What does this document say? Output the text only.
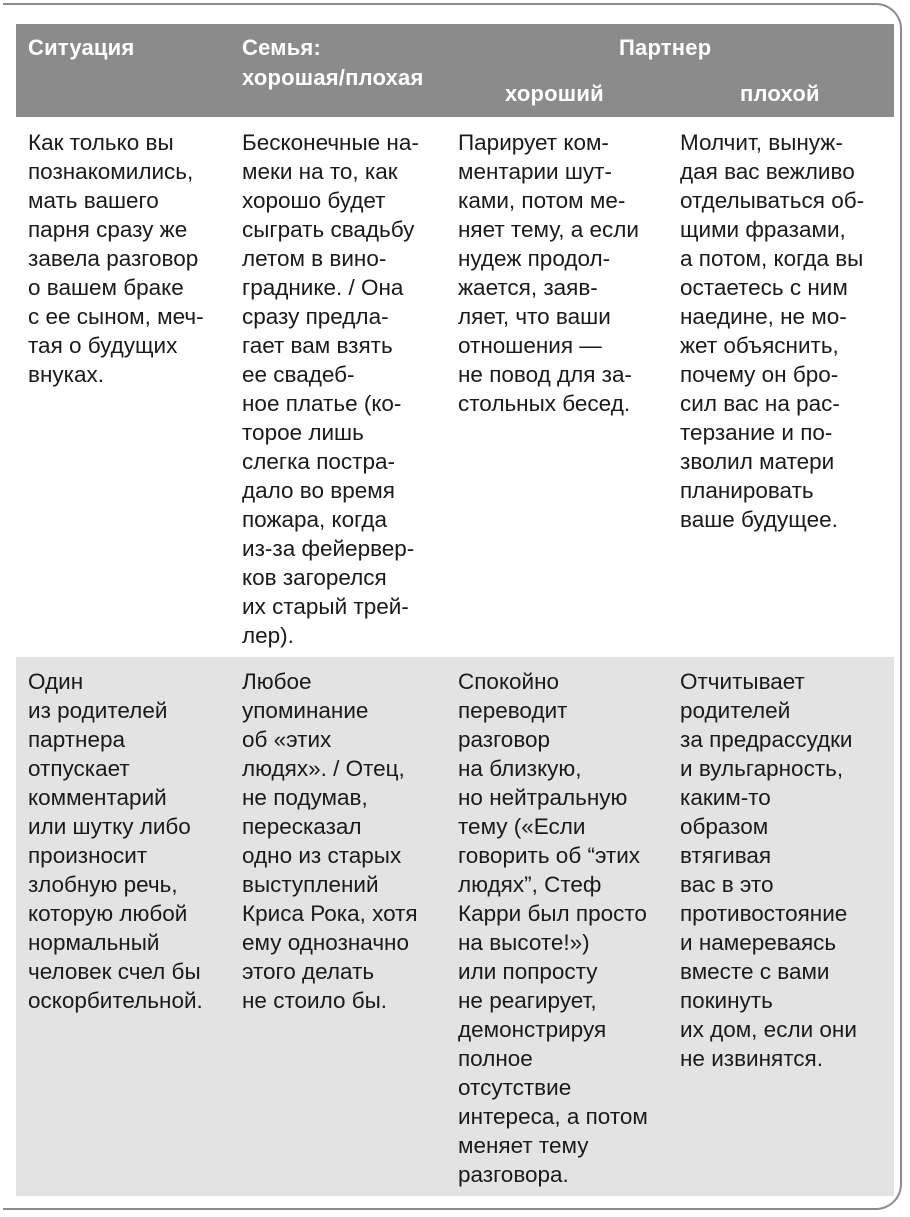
Ситуация	Семья:
хорошая/плохая
Партнер
хороший	плохой
Как только вы
познакомились,
мать вашего
парня сразу же
завела разговор
о вашем браке
с ее сыном, меч-
тая о будущих
внуках.
Бесконечные на-
меки на то, как
хорошо будет
сыграть свадьбу
летом в вино-
граднике. / Она
сразу предла-
гает вам взять
ее свадеб-
ное платье (ко-
торое лишь
слегка постра-
дало во время
пожара, когда
из-за фейервер-
ков загорелся
их старый трей-
лер).
Парирует ком-
ментарии шут-
ками, потом ме-
няет тему, а если
нудеж продол-
жается, заяв-
ляет, что ваши
отношения —
не повод для за-
стольных бесед.
Молчит, вынуж-
дая вас вежливо
отделываться об-
щими фразами,
а потом, когда вы
остаетесь с ним
наедине, не мо-
жет объяснить,
почему он бро-
сил вас на рас-
терзание и по-
зволил матери
планировать
ваше будущее.
Один
из родителей
партнера
отпускает
комментарий
или шутку либо
произносит
злобную речь,
которую любой
нормальный
человек счел бы
оскорбительной.
Любое
упоминание
об «этих
людях». / Отец,
не подумав,
пересказал
одно из старых
выступлений
Криса Рока, хотя
ему однозначно
этого делать
не стоило бы.
Спокойно
переводит
разговор
на близкую,
но нейтральную
тему («Если
говорить об “этих
людях”, Стеф
Карри был просто
на высоте!»)
или попросту
не реагирует,
демонстрируя
полное
отсутствие
интереса, а потом
меняет тему
разговора.
Отчитывает
родителей
за предрассудки
и вульгарность,
каким-то
образом
втягивая
вас в это
противостояние
и намереваясь
вместе с вами
покинуть
их дом, если они
не извинятся.
